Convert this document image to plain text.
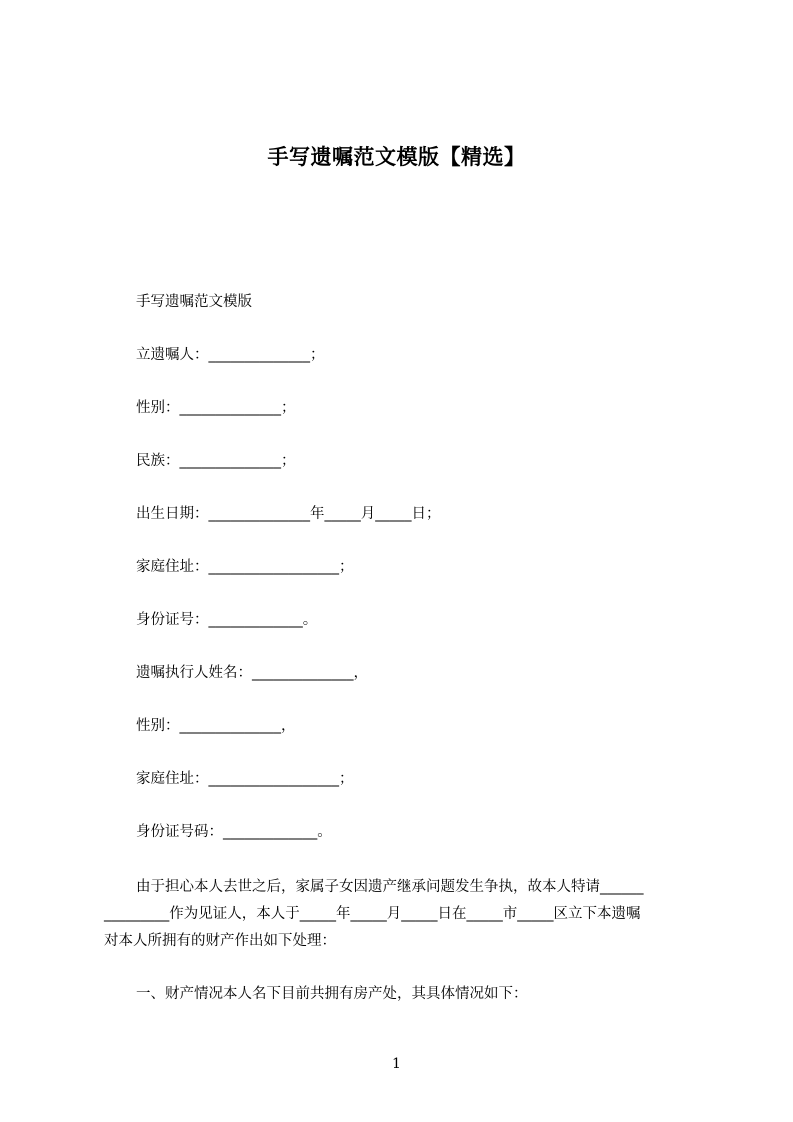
手写遗嘱范文模版【精选】
手写遗嘱范文模版
立遗嘱人：______________；
性别：______________；
民族：______________；
出生日期：______________年_____月_____日；
家庭住址：__________________；
身份证号：_____________。
遗嘱执行人姓名：______________，
性别：______________，
家庭住址：__________________；
身份证号码：_____________。
由于担心本人去世之后，家属子女因遗产继承问题发生争执，故本人特请______
_________作为见证人，本人于_____年_____月_____日在_____市_____区立下本遗嘱
对本人所拥有的财产作出如下处理：
一、财产情况本人名下目前共拥有房产处，其具体情况如下：
1
